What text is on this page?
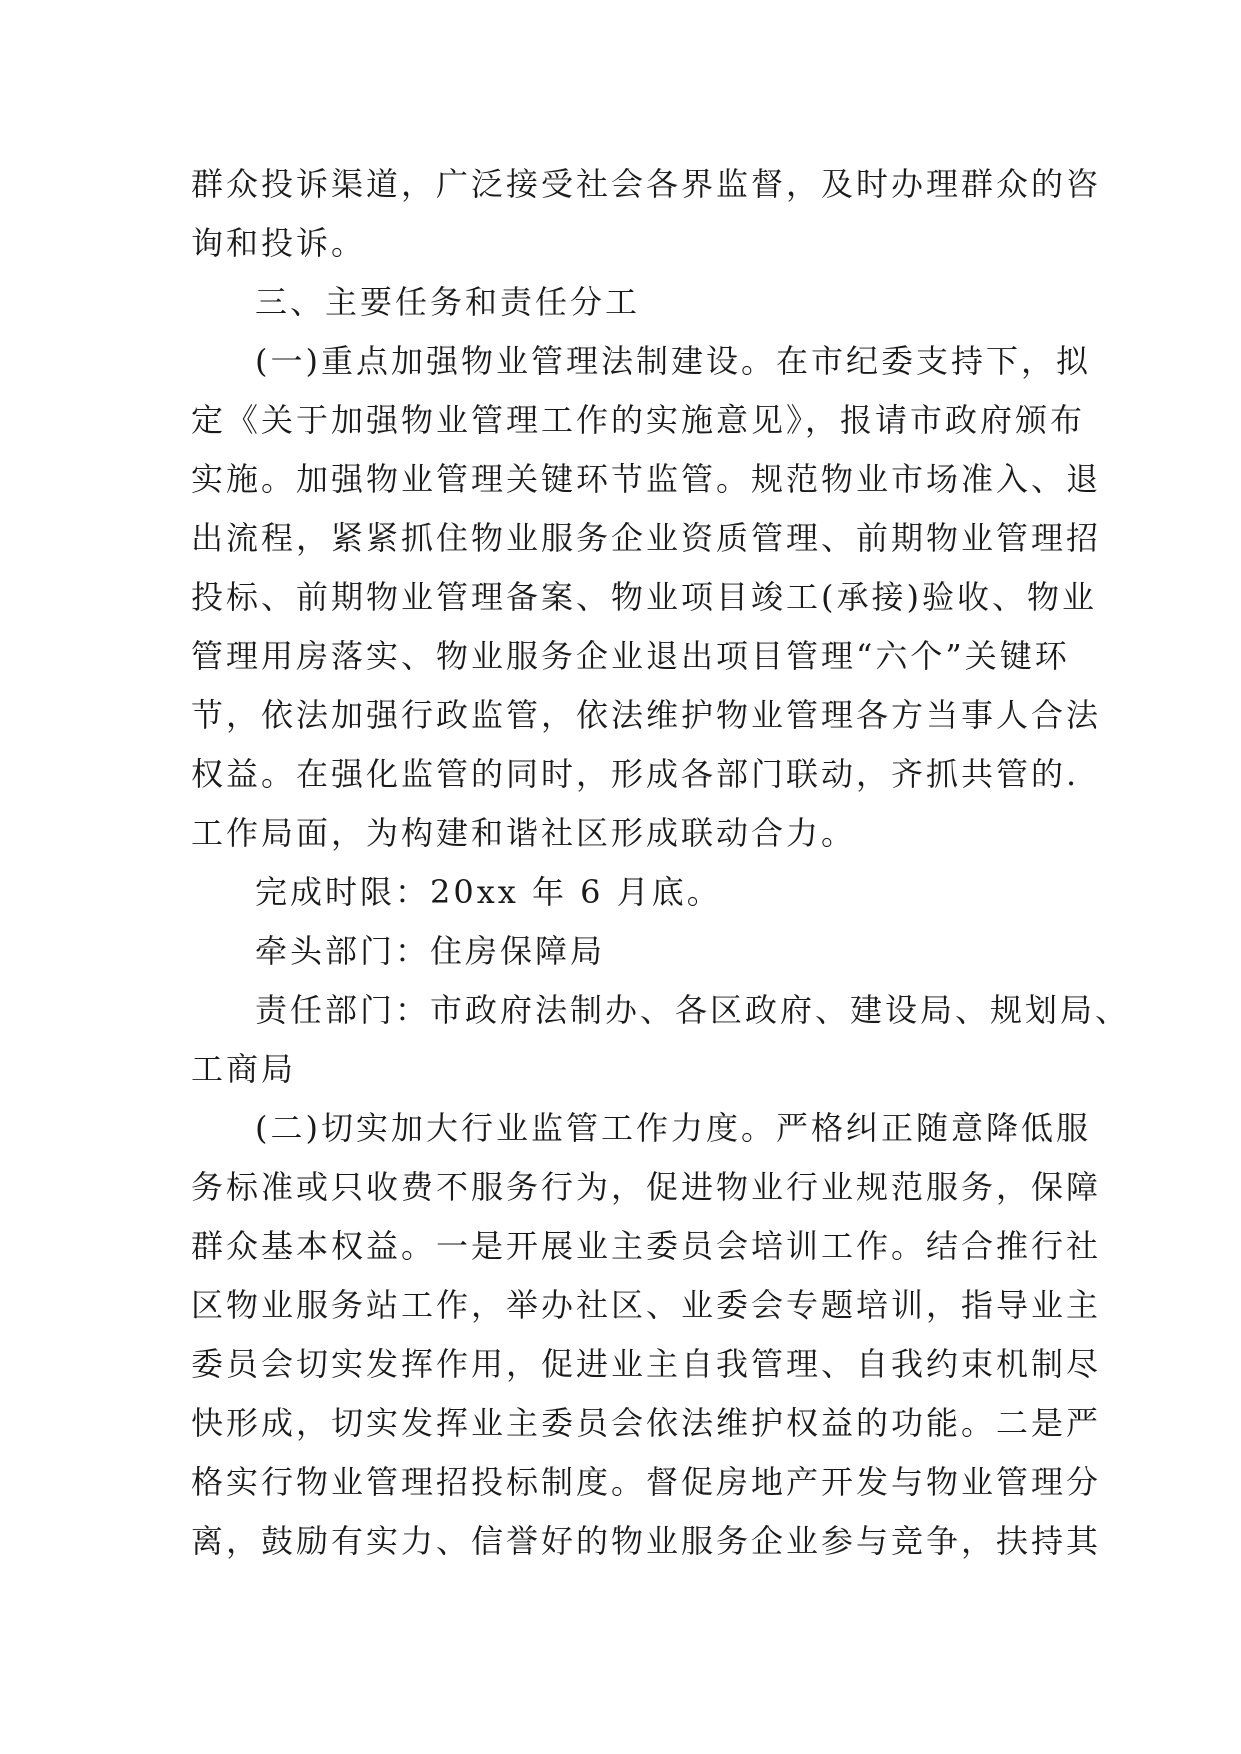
群众投诉渠道，广泛接受社会各界监督，及时办理群众的咨
询和投诉。
三、主要任务和责任分工
(一)重点加强物业管理法制建设。在市纪委支持下，拟
定《关于加强物业管理工作的实施意见》，报请市政府颁布
实施。加强物业管理关键环节监管。规范物业市场准入、退
出流程，紧紧抓住物业服务企业资质管理、前期物业管理招
投标、前期物业管理备案、物业项目竣工(承接)验收、物业
管理用房落实、物业服务企业退出项目管理“六个”关键环
节，依法加强行政监管，依法维护物业管理各方当事人合法
权益。在强化监管的同时，形成各部门联动，齐抓共管的.
工作局面，为构建和谐社区形成联动合力。
完成时限：20xx 年 6 月底。
牵头部门：住房保障局
责任部门：市政府法制办、各区政府、建设局、规划局、
工商局
(二)切实加大行业监管工作力度。严格纠正随意降低服
务标准或只收费不服务行为，促进物业行业规范服务，保障
群众基本权益。一是开展业主委员会培训工作。结合推行社
区物业服务站工作，举办社区、业委会专题培训，指导业主
委员会切实发挥作用，促进业主自我管理、自我约束机制尽
快形成，切实发挥业主委员会依法维护权益的功能。二是严
格实行物业管理招投标制度。督促房地产开发与物业管理分
离，鼓励有实力、信誉好的物业服务企业参与竞争，扶持其
